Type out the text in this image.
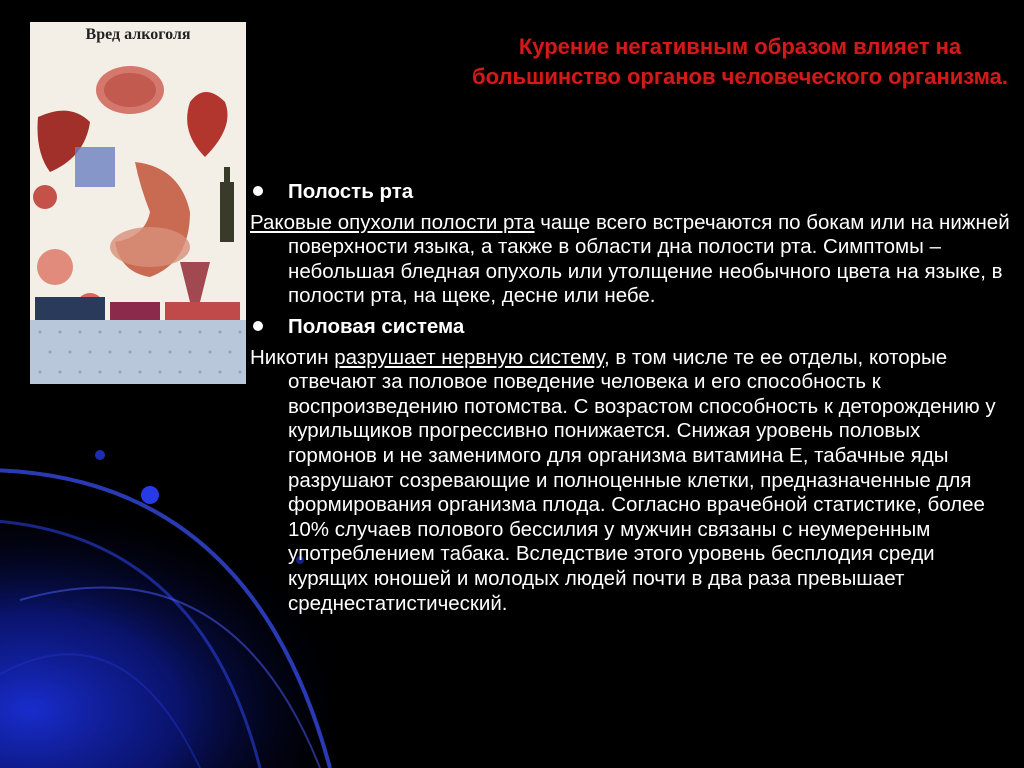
Вред алкоголя	Курение негативным образом влияет на большинство органов человеческого организма.

Полость рта

Раковые опухоли полости рта чаще всего встречаются по бокам или на нижней поверхности языка, а также в области дна полости рта. Симптомы – небольшая бледная опухоль или утолщение необычного цвета на языке, в полости рта, на щеке, десне или небе.

Половая система

Никотин разрушает нервную систему, в том числе те ее отделы, которые отвечают за половое поведение человека и его способность к воспроизведению потомства. С возрастом способность к деторождению у курильщиков прогрессивно понижается. Снижая уровень половых гормонов и не заменимого для организма витамина Е, табачные яды разрушают созревающие и полноценные клетки, предназначенные для формирования организма плода. Согласно врачебной статистике, более 10% случаев полового бессилия у мужчин связаны с неумеренным употреблением табака. Вследствие этого уровень бесплодия среди курящих юношей и молодых людей почти в два раза превышает среднестатистический.
